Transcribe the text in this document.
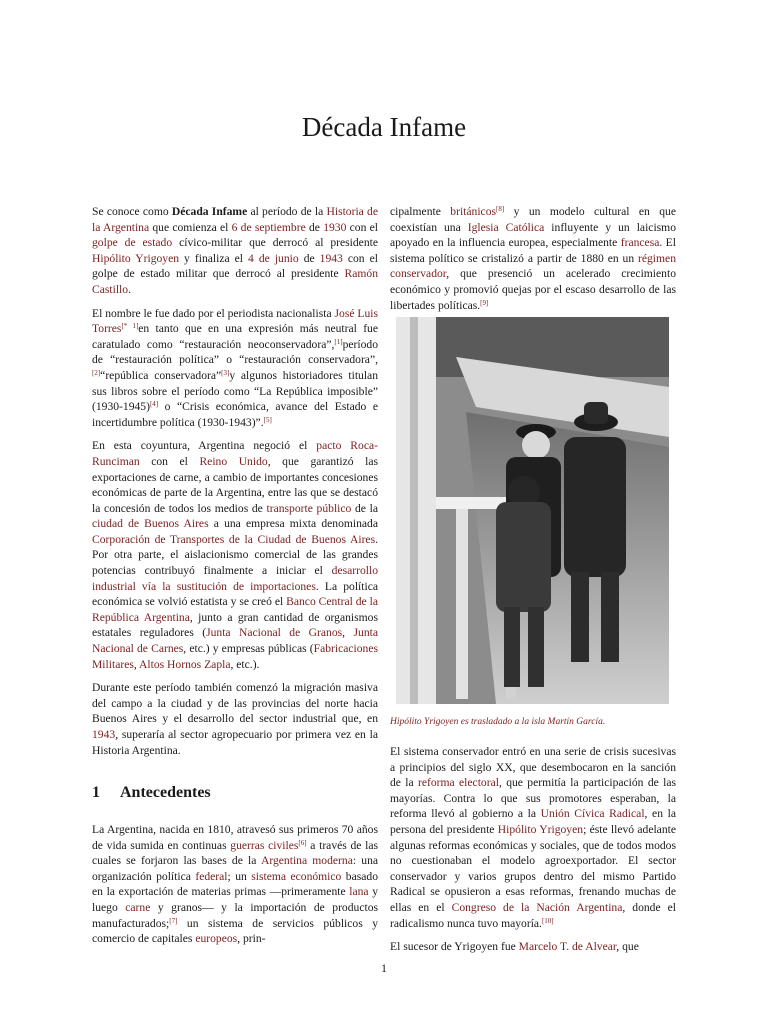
Década Infame

Se conoce como Década Infame al período de la Historia de la Argentina que comienza el 6 de septiembre de 1930 con el golpe de estado cívico-militar que derrocó al presidente Hipólito Yrigoyen y finaliza el 4 de junio de 1943 con el golpe de estado militar que derrocó al presidente Ramón Castillo.

El nombre le fue dado por el periodista nacionalista José Luis Torres[* 1]en tanto que en una expresión más neutral fue caratulado como “restauración neoconservadora”,[1]período de “restauración política” o “restauración conservadora”,[2]“república conservadora”[3]y algunos historiadores titulan sus libros sobre el período como “La República imposible” (1930-1945)[4] o “Crisis económica, avance del Estado e incertidumbre política (1930-1943)”.[5]

En esta coyuntura, Argentina negoció el pacto Roca-Runciman con el Reino Unido, que garantizó las exportaciones de carne, a cambio de importantes concesiones económicas de parte de la Argentina, entre las que se destacó la concesión de todos los medios de transporte público de la ciudad de Buenos Aires a una empresa mixta denominada Corporación de Transportes de la Ciudad de Buenos Aires. Por otra parte, el aislacionismo comercial de las grandes potencias contribuyó finalmente a iniciar el desarrollo industrial vía la sustitución de importaciones. La política económica se volvió estatista y se creó el Banco Central de la República Argentina, junto a gran cantidad de organismos estatales reguladores (Junta Nacional de Granos, Junta Nacional de Carnes, etc.) y empresas públicas (Fabricaciones Militares, Altos Hornos Zapla, etc.).

Durante este período también comenzó la migración masiva del campo a la ciudad y de las provincias del norte hacia Buenos Aires y el desarrollo del sector industrial que, en 1943, superaría al sector agropecuario por primera vez en la Historia Argentina.

1 Antecedentes

La Argentina, nacida en 1810, atravesó sus primeros 70 años de vida sumida en continuas guerras civiles[6] a través de las cuales se forjaron las bases de la Argentina moderna: una organización política federal; un sistema económico basado en la exportación de materias primas —primeramente lana y luego carne y granos— y la importación de productos manufacturados;[7] un sistema de servicios públicos y comercio de capitales europeos, prin-

cipalmente británicos[8] y un modelo cultural en que coexistían una Iglesia Católica influyente y un laicismo apoyado en la influencia europea, especialmente francesa. El sistema político se cristalizó a partir de 1880 en un régimen conservador, que presenció un acelerado crecimiento económico y promovió quejas por el escaso desarrollo de las libertades políticas.[9]

Hipólito Yrigoyen es trasladado a la isla Martín García.

El sistema conservador entró en una serie de crisis sucesivas a principios del siglo XX, que desembocaron en la sanción de la reforma electoral, que permitía la participación de las mayorías. Contra lo que sus promotores esperaban, la reforma llevó al gobierno a la Unión Cívica Radical, en la persona del presidente Hipólito Yrigoyen; éste llevó adelante algunas reformas económicas y sociales, que de todos modos no cuestionaban el modelo agroexportador. El sector conservador y varios grupos dentro del mismo Partido Radical se opusieron a esas reformas, frenando muchas de ellas en el Congreso de la Nación Argentina, donde el radicalismo nunca tuvo mayoría.[10]

El sucesor de Yrigoyen fue Marcelo T. de Alvear, que

1
